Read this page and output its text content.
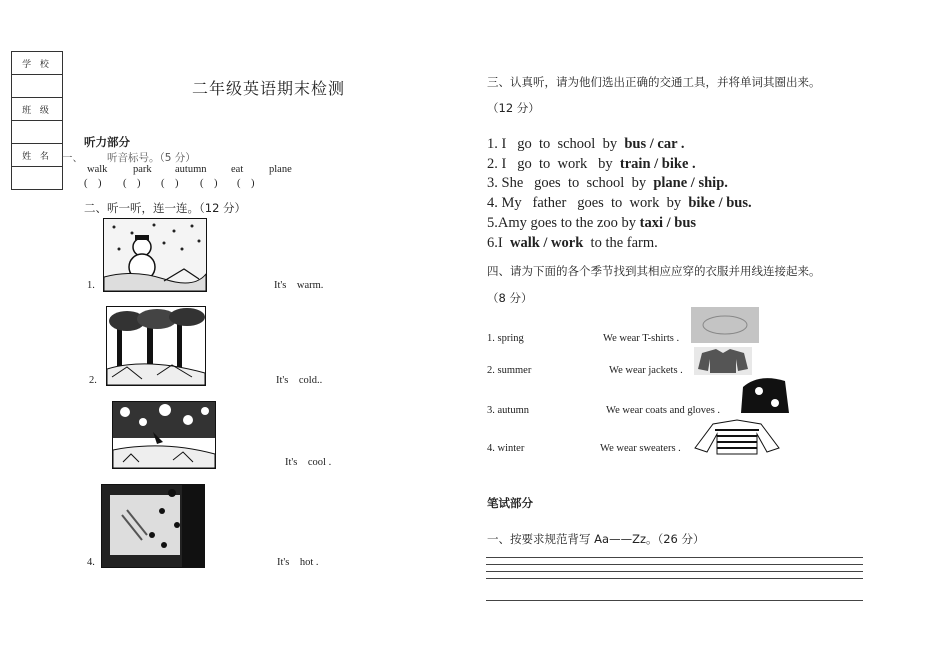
学 校
班 级
姓 名
二年级英语期末检测
听力部分
一、 听音标号。（5 分）
walk park autumn eat plane
(    ) (    ) (    ) (    ) (    )
二、听一听，连一连。（12 分）
1.	It's    warm.
2.	It's    cold..
It's    cool .
4.	It's    hot .
三、认真听，请为他们选出正确的交通工具，并将单词其圈出来。
（12 分）
1. I   go  to  school  by  bus / car .
2. I   go  to  work   by  train / bike .
3. She   goes  to  school  by  plane / ship.
4. My   father   goes  to  work  by  bike / bus.
5.Amy goes to the zoo by taxi / bus
6.I  walk / work  to the farm.
四、请为下面的各个季节找到其相应应穿的衣服并用线连接起来。
（8 分）
1. spring	We wear T-shirts .
2. summer	We wear jackets .
3. autumn	We wear coats and gloves .
4. winter	We wear sweaters .
笔试部分
一、按要求规范背写 Aa——Zz。（26 分）
